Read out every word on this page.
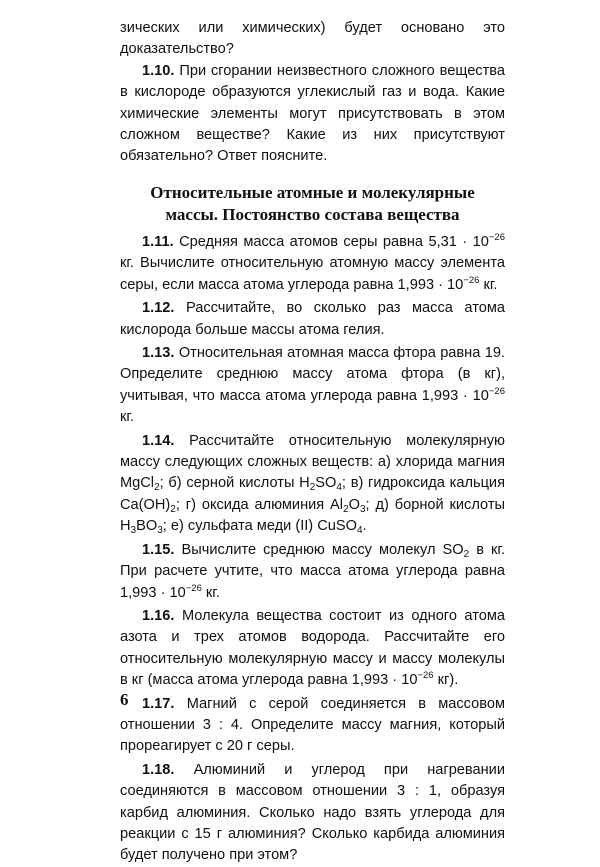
зических или химических) будет основано это доказательство?

1.10. При сгорании неизвестного сложного вещества в кислороде образуются углекислый газ и вода. Какие химические элементы могут присутствовать в этом сложном веществе? Какие из них присутствуют обязательно? Ответ поясните.

Относительные атомные и молекулярные
массы. Постоянство состава вещества

1.11. Средняя масса атомов серы равна $5,31 \cdot 10^{-26}$ кг. Вычислите относительную атомную массу элемента серы, если масса атома углерода равна $1,993 \cdot 10^{-26}$ кг.

1.12. Рассчитайте, во сколько раз масса атома кислорода больше массы атома гелия.

1.13. Относительная атомная масса фтора равна 19. Определите среднюю массу атома фтора (в кг), учитывая, что масса атома углерода равна $1,993 \cdot 10^{-26}$ кг.

1.14. Рассчитайте относительную молекулярную массу следующих сложных веществ: а) хлорида магния MgCl$_2$; б) серной кислоты $H_2SO_4$; в) гидроксида кальция $Ca(OH)_2$; г) оксида алюминия $Al_2O_3$; д) борной кислоты $H_3BO_3$; е) сульфата меди (II) CuSO$_4$.

1.15. Вычислите среднюю массу молекул $SO_2$ в кг. При расчете учтите, что масса атома углерода равна $1,993 \cdot 10^{-26}$ кг.

1.16. Молекула вещества состоит из одного атома азота и трех атомов водорода. Рассчитайте его относительную молекулярную массу и массу молекулы в кг (масса атома углерода равна $1,993 \cdot 10^{-26}$ кг).

1.17. Магний с серой соединяется в массовом отношении 3 : 4. Определите массу магния, который прореагирует с 20 г серы.

1.18. Алюминий и углерод при нагревании соединяются в массовом отношении 3 : 1, образуя карбид алюминия. Сколько надо взять углерода для реакции с 15 г алюминия? Сколько карбида алюминия будет получено при этом?

6
